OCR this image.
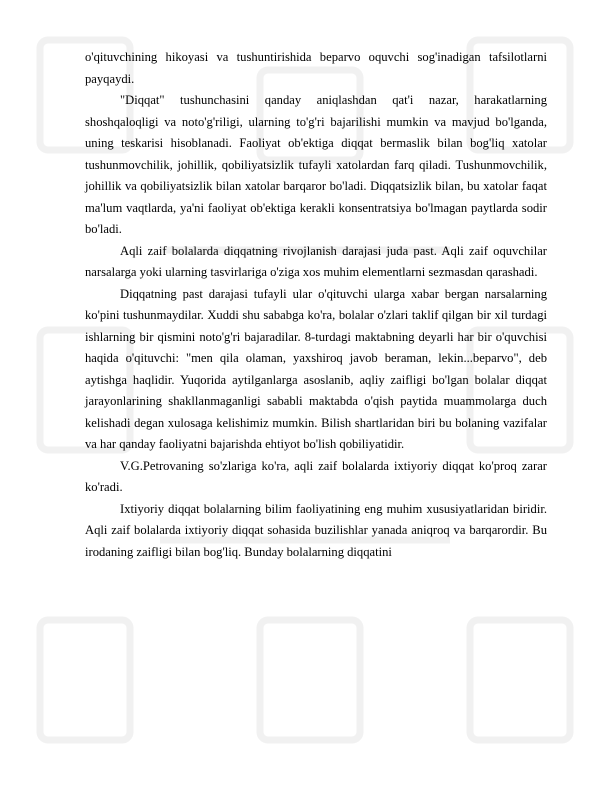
o'qituvchining hikoyasi va tushuntirishida beparvo oquvchi sog'inadigan tafsilotlarni payqaydi.

"Diqqat" tushunchasini qanday aniqlashdan qat'i nazar, harakatlarning shoshqaloqligi va noto'g'riligi, ularning to'g'ri bajarilishi mumkin va mavjud bo'lganda, uning teskarisi hisoblanadi. Faoliyat ob'ektiga diqqat bermaslik bilan bog'liq xatolar tushunmovchilik, johillik, qobiliyatsizlik tufayli xatolardan farq qiladi. Tushunmovchilik, johillik va qobiliyatsizlik bilan xatolar barqaror bo'ladi. Diqqatsizlik bilan, bu xatolar faqat ma'lum vaqtlarda, ya'ni faoliyat ob'ektiga kerakli konsentratsiya bo'lmagan paytlarda sodir bo'ladi.

Aqli zaif bolalarda diqqatning rivojlanish darajasi juda past. Aqli zaif oquvchilar narsalarga yoki ularning tasvirlariga o'ziga xos muhim elementlarni sezmasdan qarashadi.

Diqqatning past darajasi tufayli ular o'qituvchi ularga xabar bergan narsalarning ko'pini tushunmaydilar. Xuddi shu sababga ko'ra, bolalar o'zlari taklif qilgan bir xil turdagi ishlarning bir qismini noto'g'ri bajaradilar. 8-turdagi maktabning deyarli har bir o'quvchisi haqida o'qituvchi: "men qila olaman, yaxshiroq javob beraman, lekin...beparvo", deb aytishga haqlidir. Yuqorida aytilganlarga asoslanib, aqliy zaifligi bo'lgan bolalar diqqat jarayonlarining shakllanmaganligi sababli maktabda o'qish paytida muammolarga duch kelishadi degan xulosaga kelishimiz mumkin. Bilish shartlaridan biri bu bolaning vazifalar va har qanday faoliyatni bajarishda ehtiyot bo'lish qobiliyatidir.

V.G.Petrovaning so'zlariga ko'ra, aqli zaif bolalarda ixtiyoriy diqqat ko'proq zarar ko'radi.

Ixtiyoriy diqqat bolalarning bilim faoliyatining eng muhim xususiyatlaridan biridir. Aqli zaif bolalarda ixtiyoriy diqqat sohasida buzilishlar yanada aniqroq va barqarordir. Bu irodaning zaifligi bilan bog'liq. Bunday bolalarning diqqatini
